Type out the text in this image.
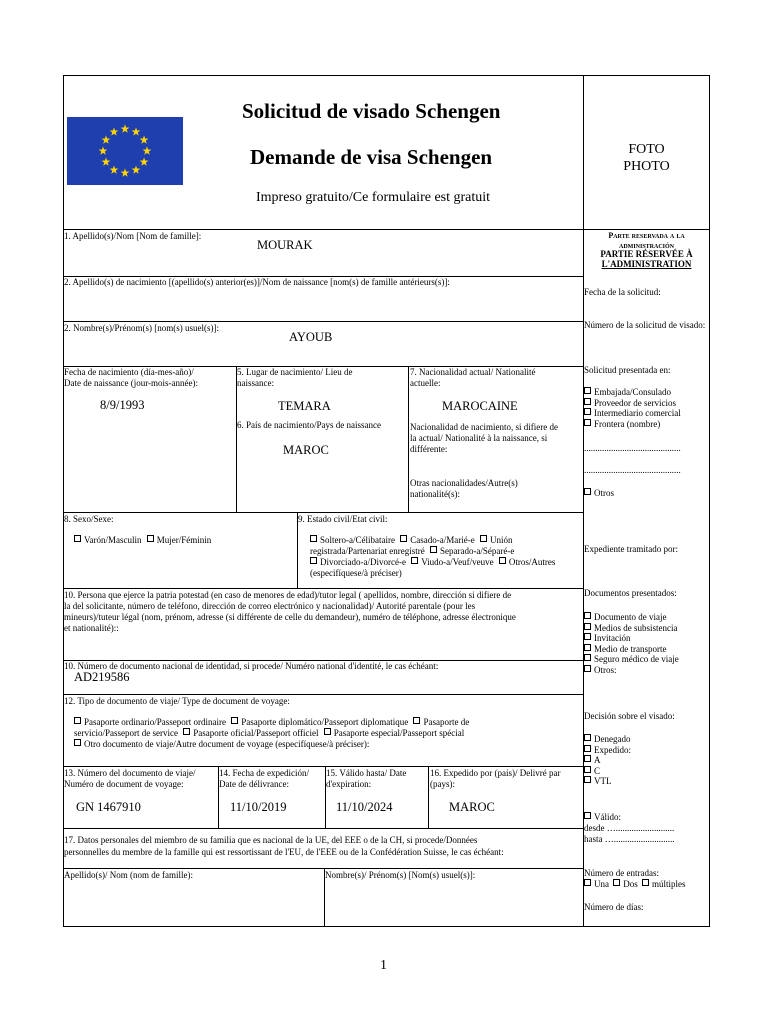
Solicitud de visado Schengen
Demande de visa Schengen
Impreso gratuito/Ce formulaire est gratuit
FOTO
PHOTO
1. Apellido(s)/Nom [Nom de famille]:
MOURAK
2. Apellido(s) de nacimiento [(apellido(s) anterior(es)]/Nom de naissance [nom(s) de famille antérieurs(s)]:
2. Nombre(s)/Prénom(s) [nom(s) usuel(s)]:
AYOUB
Fecha de nacimiento (día-mes-año)/
Date de naissance (jour-mois-année):
8/9/1993
5. Lugar de nacimiento/ Lieu de
naissance:
TEMARA
6. País de nacimiento/Pays de naissance
MAROC
7. Nacionalidad actual/ Nationalité
actuelle:
MAROCAINE
Nacionalidad de nacimiento, si difiere de
la actual/ Nationalité à la naissance, si
différente:
Otras nacionalidades/Autre(s)
nationalité(s):
8. Sexo/Sexe:
Varón/Masculin Mujer/Féminin
9. Estado civil/Etat civil:
Soltero-a/Célibataire Casado-a/Marié-e Unión
registrada/Partenariat enregistré Separado-a/Séparé-e
Divorciado-a/Divorcé-e Viudo-a/Veuf/veuve Otros/Autres
(especifíquese/à préciser)
10. Persona que ejerce la patria potestad (en caso de menores de edad)/tutor legal ( apellidos, nombre, dirección si difiere de
la del solicitante, número de teléfono, dirección de correo electrónico y nacionalidad)/ Autorité parentale (pour les
mineurs)/tuteur légal (nom, prénom, adresse (si différente de celle du demandeur), numéro de téléphone, adresse électronique
et nationalité)::
10. Número de documento nacional de identidad, si procede/ Numéro national d'identité, le cas échéant:
AD219586
12. Tipo de documento de viaje/ Type de document de voyage:
Pasaporte ordinario/Passeport ordinaire Pasaporte diplomático/Passeport diplomatique Pasaporte de
servicio/Passeport de service Pasaporte oficial/Passeport officiel Pasaporte especial/Passeport spécial
Otro documento de viaje/Autre document de voyage (especifíquese/à préciser):
13. Número del documento de viaje/
Numéro de document de voyage:
GN 1467910
14. Fecha de expedición/
Date de délivrance:
11/10/2019
15. Válido hasta/ Date
d'expiration:
11/10/2024
16. Expedido por (país)/ Delivré par
(pays):
MAROC
17. Datos personales del miembro de su familia que es nacional de la UE, del EEE o de la CH, si procede/Données
personnelles du membre de la famille qui est ressortissant de l'EU, de l'EEE ou de la Confédération Suisse, le cas échéant:
Apellido(s)/ Nom (nom de famille):	Nombre(s)/ Prénom(s) [Nom(s) usuel(s)]:
Parte reservada a la
administración
PARTIE RÉSERVÉE À
L'ADMINISTRATION
Fecha de la solicitud:
Número de la solicitud de visado:
Solicitud presentada en:
Embajada/Consulado
Proveedor de servicios
Intermediario comercial
Frontera (nombre)
...........................................
...........................................
Otros
Expediente tramitado por:
Documentos presentados:
Documento de viaje
Medios de subsistencia
Invitación
Medio de transporte
Seguro médico de viaje
Otros:
Decisión sobre el visado:
Denegado
Expedido:
A
C
VTL
Válido:
desde …..........................
hasta …...........................
Número de entradas:
Una Dos múltiples
Número de días:
1
